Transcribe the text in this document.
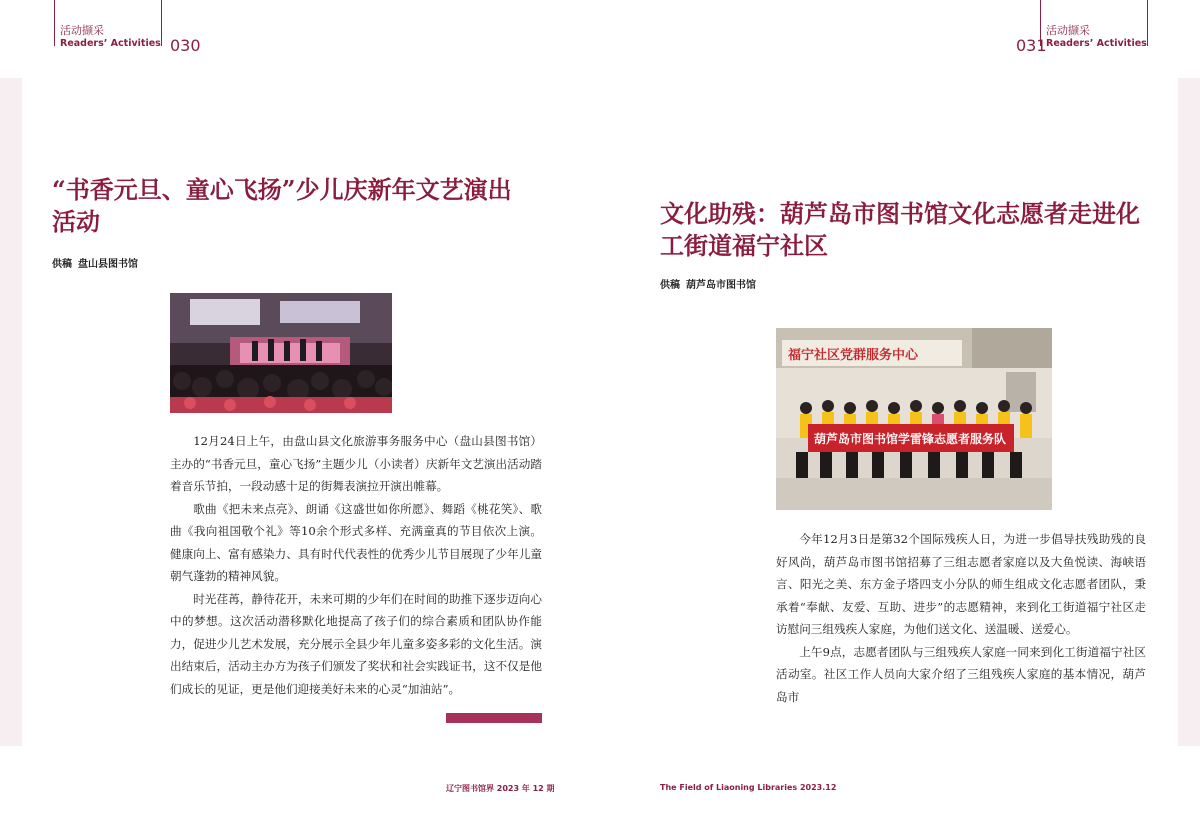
活动撷采
Readers’ Activities 030	031
活动撷采
Readers’ Activities
“书香元旦、童心飞扬”少儿庆新年文艺演出
活动
供稿 盘山县图书馆

12月24日上午，由盘山县文化旅游事务服务中心（盘山县图书馆）主办的“书香元旦，童心飞扬”主题少儿（小读者）庆新年文艺演出活动踏着音乐节拍，一段动感十足的街舞表演拉开演出帷幕。

歌曲《把未来点亮》、朗诵《这盛世如你所愿》、舞蹈《桃花笑》、歌曲《我向祖国敬个礼》等10余个形式多样、充满童真的节目依次上演。健康向上、富有感染力、具有时代代表性的优秀少儿节目展现了少年儿童朝气蓬勃的精神风貌。

时光荏苒，静待花开，未来可期的少年们在时间的助推下逐步迈向心中的梦想。这次活动潜移默化地提高了孩子们的综合素质和团队协作能力，促进少儿艺术发展，充分展示全县少年儿童多姿多彩的文化生活。演出结束后，活动主办方为孩子们颁发了奖状和社会实践证书，这不仅是他们成长的见证，更是他们迎接美好未来的心灵“加油站”。

文化助残：葫芦岛市图书馆文化志愿者走进化
工街道福宁社区
供稿 葫芦岛市图书馆
福宁社区党群服务中心
葫芦岛市图书馆学雷锋志愿者服务队

今年12月3日是第32个国际残疾人日，为进一步倡导扶残助残的良好风尚，葫芦岛市图书馆招募了三组志愿者家庭以及大鱼悦读、海峡语言、阳光之美、东方金子塔四支小分队的师生组成文化志愿者团队，秉承着“奉献、友爱、互助、进步”的志愿精神，来到化工街道福宁社区走访慰问三组残疾人家庭，为他们送文化、送温暖、送爱心。

上午9点，志愿者团队与三组残疾人家庭一同来到化工街道福宁社区活动室。社区工作人员向大家介绍了三组残疾人家庭的基本情况，葫芦岛市

辽宁图书馆界 2023 年 12 期	The Field of Liaoning Libraries 2023.12
